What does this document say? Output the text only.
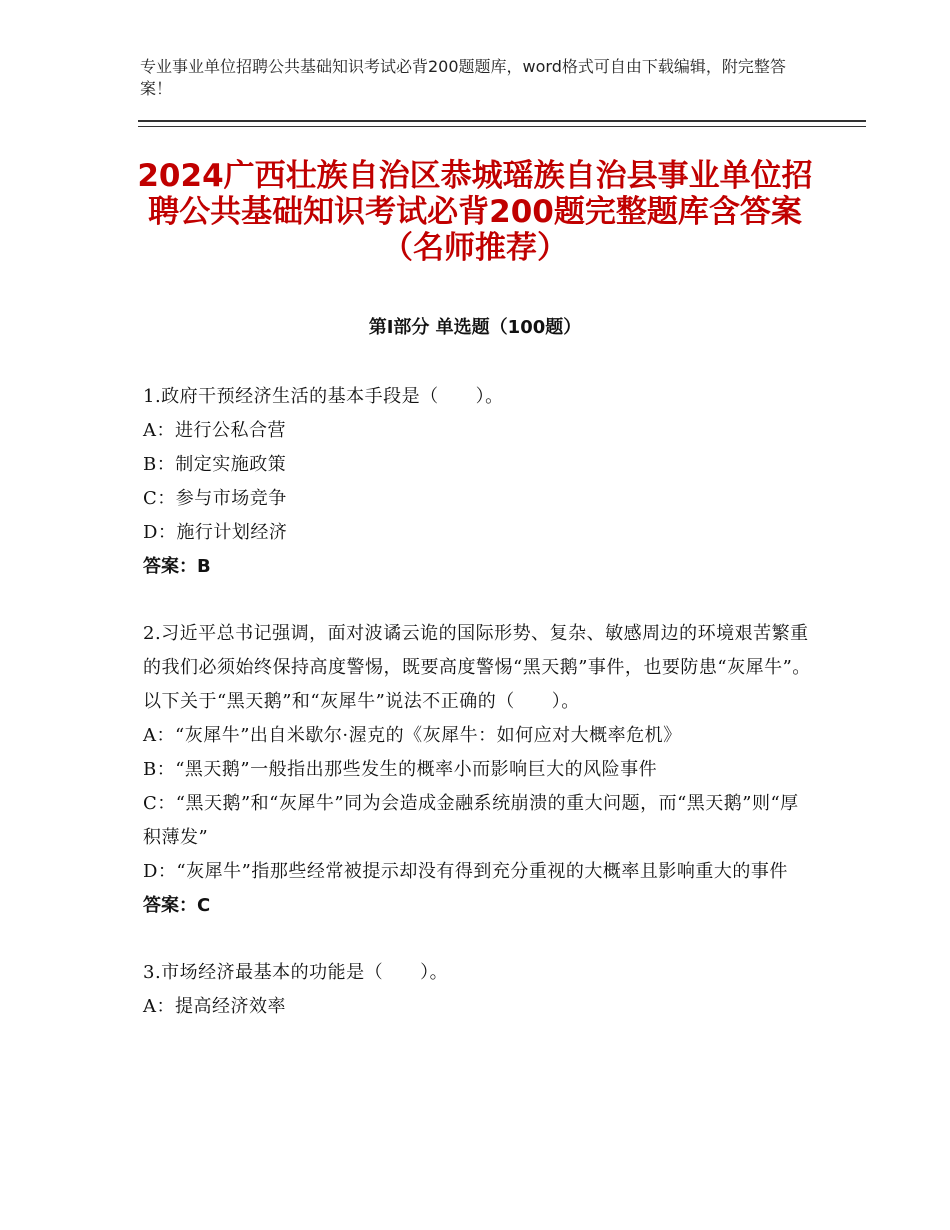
专业事业单位招聘公共基础知识考试必背200题题库，word格式可自由下载编辑，附完整答案！
2024广西壮族自治区恭城瑶族自治县事业单位招聘公共基础知识考试必背200题完整题库含答案（名师推荐）
第Ⅰ部分 单选题（100题）
1.政府干预经济生活的基本手段是（　　）。
A：进行公私合营
B：制定实施政策
C：参与市场竞争
D：施行计划经济
答案：B
2.习近平总书记强调，面对波谲云诡的国际形势、复杂、敏感周边的环境艰苦繁重的我们必须始终保持高度警惕，既要高度警惕“黑天鹅”事件，也要防患“灰犀牛”。以下关于“黑天鹅”和“灰犀牛”说法不正确的（　　）。
A：“灰犀牛”出自米歇尔·渥克的《灰犀牛：如何应对大概率危机》
B：“黑天鹅”一般指出那些发生的概率小而影响巨大的风险事件
C：“黑天鹅”和“灰犀牛”同为会造成金融系统崩溃的重大问题，而“黑天鹅”则“厚积薄发”
D：“灰犀牛”指那些经常被提示却没有得到充分重视的大概率且影响重大的事件
答案：C
3.市场经济最基本的功能是（　　）。
A：提高经济效率
